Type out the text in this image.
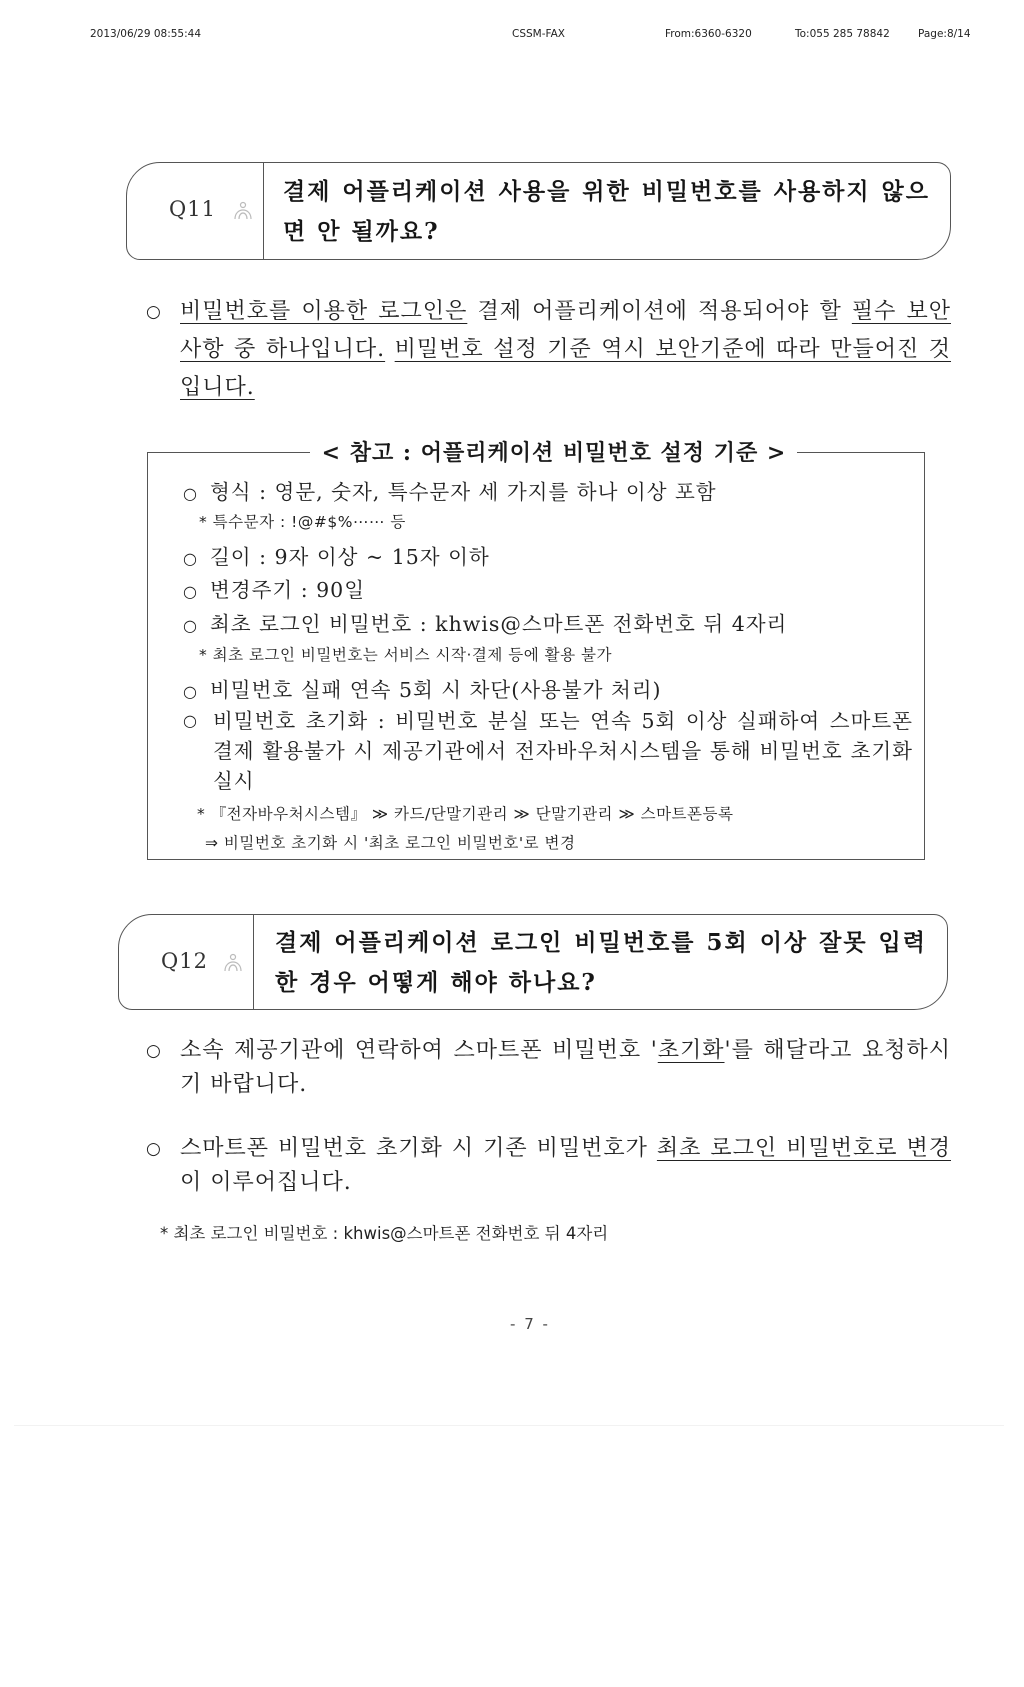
2013/06/29 08:55:44	CSSM-FAX	From:6360-6320	To:055 285 78842	Page:8/14
Q11
결제 어플리케이션 사용을 위한 비밀번호를 사용하지 않으면 안 될까요?
○ 비밀번호를 이용한 로그인은 결제 어플리케이션에 적용되어야 할 필수 보안사항 중 하나입니다. 비밀번호 설정 기준 역시 보안기준에 따라 만들어진 것입니다.
< 참고 : 어플리케이션 비밀번호 설정 기준 >
○ 형식 : 영문, 숫자, 특수문자 세 가지를 하나 이상 포함
* 특수문자 : !@#$%⋯⋯ 등
○ 길이 : 9자 이상 ~ 15자 이하
○ 변경주기 : 90일
○ 최초 로그인 비밀번호 : khwis@스마트폰 전화번호 뒤 4자리
* 최초 로그인 비밀번호는 서비스 시작·결제 등에 활용 불가
○ 비밀번호 실패 연속 5회 시 차단(사용불가 처리)
○ 비밀번호 초기화 : 비밀번호 분실 또는 연속 5회 이상 실패하여 스마트폰 결제 활용불가 시 제공기관에서 전자바우처시스템을 통해 비밀번호 초기화 실시
* 『전자바우처시스템』 ≫ 카드/단말기관리 ≫ 단말기관리 ≫ 스마트폰등록
⇒ 비밀번호 초기화 시 '최초 로그인 비밀번호'로 변경
Q12
결제 어플리케이션 로그인 비밀번호를 5회 이상 잘못 입력한 경우 어떻게 해야 하나요?
○ 소속 제공기관에 연락하여 스마트폰 비밀번호 '초기화'를 해달라고 요청하시기 바랍니다.
○ 스마트폰 비밀번호 초기화 시 기존 비밀번호가 최초 로그인 비밀번호로 변경이 이루어집니다.
* 최초 로그인 비밀번호 : khwis@스마트폰 전화번호 뒤 4자리
- 7 -
